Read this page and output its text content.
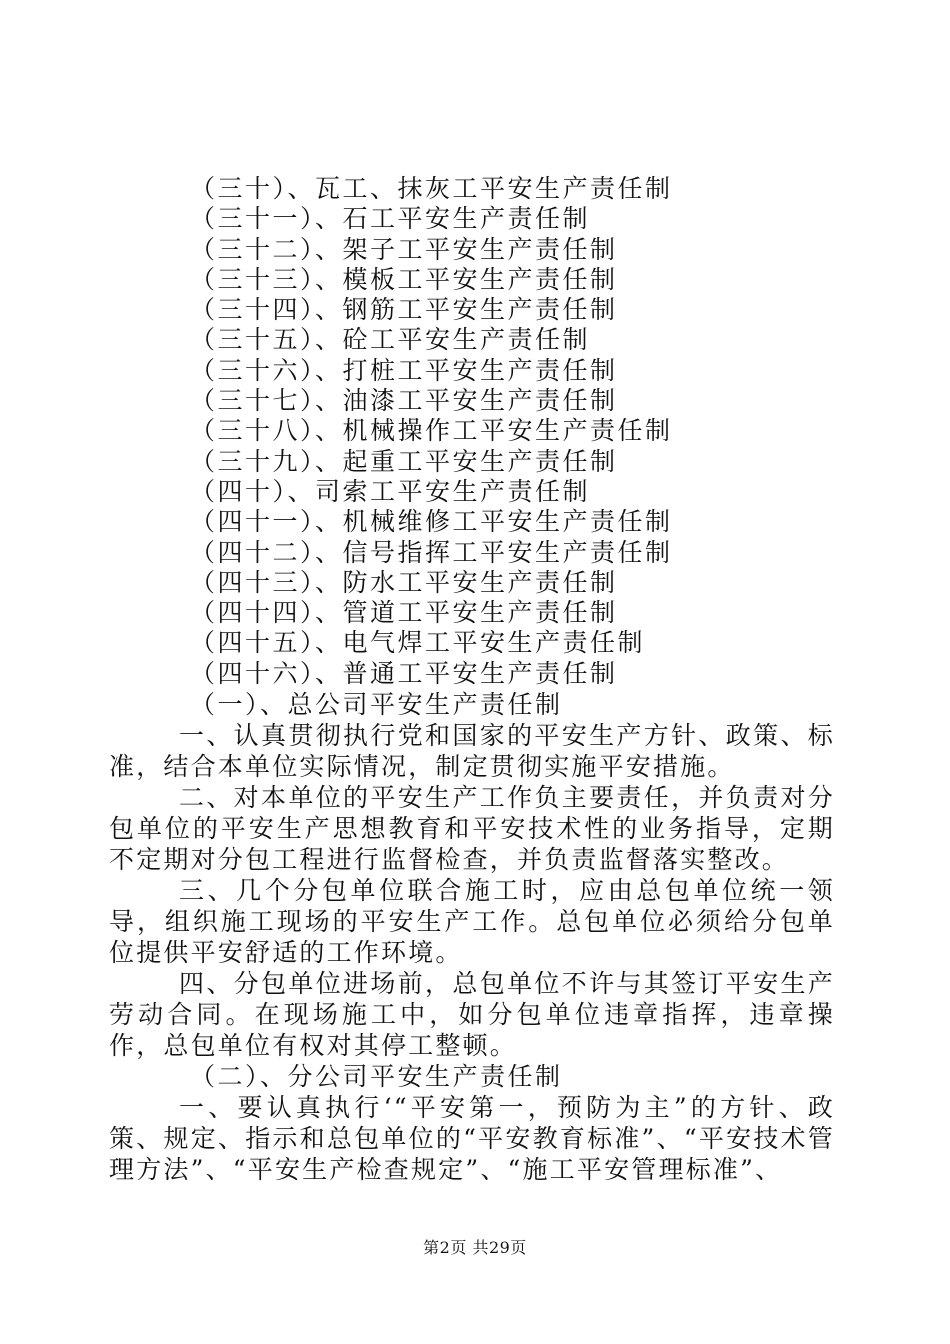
（三十）、瓦工、抹灰工平安生产责任制
（三十一）、石工平安生产责任制
（三十二）、架子工平安生产责任制
（三十三）、模板工平安生产责任制
（三十四）、钢筋工平安生产责任制
（三十五）、砼工平安生产责任制
（三十六）、打桩工平安生产责任制
（三十七）、油漆工平安生产责任制
（三十八）、机械操作工平安生产责任制
（三十九）、起重工平安生产责任制
（四十）、司索工平安生产责任制
（四十一）、机械维修工平安生产责任制
（四十二）、信号指挥工平安生产责任制
（四十三）、防水工平安生产责任制
（四十四）、管道工平安生产责任制
（四十五）、电气焊工平安生产责任制
（四十六）、普通工平安生产责任制
（一）、总公司平安生产责任制

一、认真贯彻执行党和国家的平安生产方针、政策、标准，结合本单位实际情况，制定贯彻实施平安措施。

二、对本单位的平安生产工作负主要责任，并负责对分包单位的平安生产思想教育和平安技术性的业务指导，定期不定期对分包工程进行监督检查，并负责监督落实整改。

三、几个分包单位联合施工时，应由总包单位统一领导，组织施工现场的平安生产工作。总包单位必须给分包单位提供平安舒适的工作环境。

四、分包单位进场前，总包单位不许与其签订平安生产劳动合同。在现场施工中，如分包单位违章指挥，违章操作，总包单位有权对其停工整顿。

（二）、分公司平安生产责任制

一、要认真执行‘“平安第一，预防为主”的方针、政策、规定、指示和总包单位的“平安教育标准”、“平安技术管理方法”、“平安生产检查规定”、“施工平安管理标准”、

第2页 共29页
